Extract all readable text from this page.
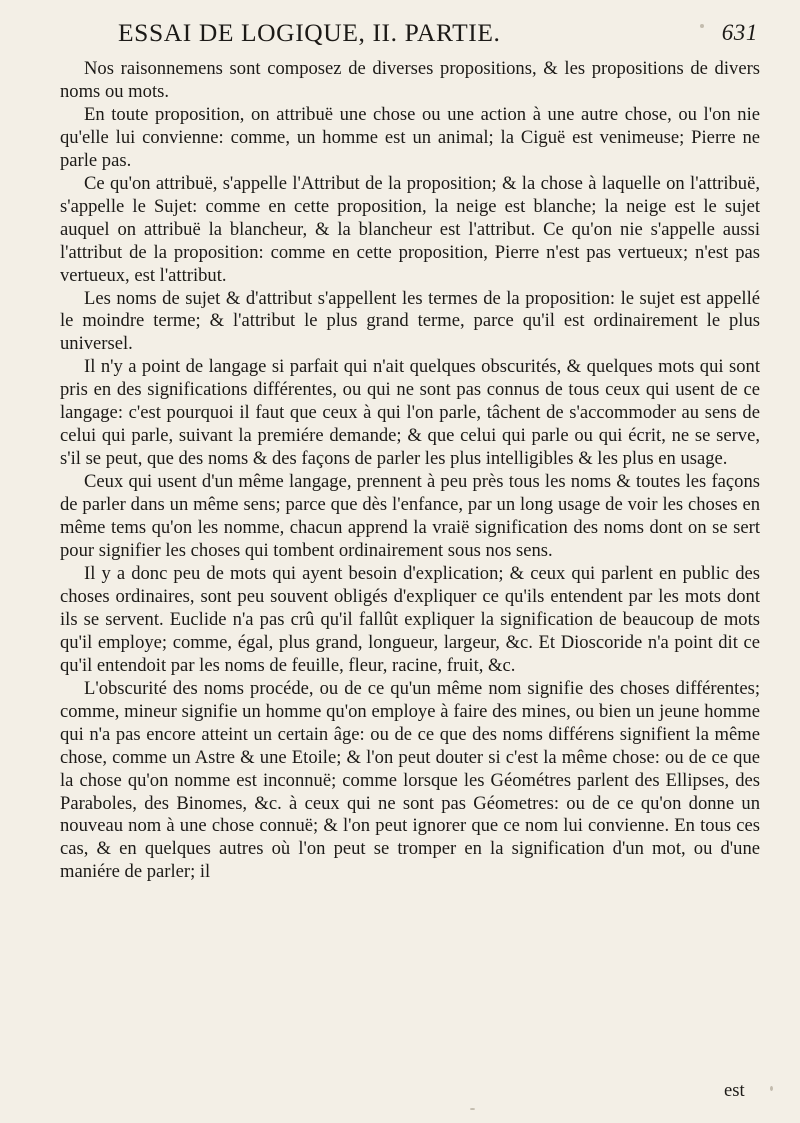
ESSAI DE LOGIQUE, II. PARTIE.	631

Nos raisonnemens sont composez de diverses propositions, & les propositions de divers noms ou mots.

En toute proposition, on attribuë une chose ou une action à une autre chose, ou l'on nie qu'elle lui convienne: comme, un homme est un animal; la Ciguë est venimeuse; Pierre ne parle pas.

Ce qu'on attribuë, s'appelle l'Attribut de la proposition; & la chose à laquelle on l'attribuë, s'appelle le Sujet: comme en cette proposition, la neige est blanche; la neige est le sujet auquel on attribuë la blancheur, & la blancheur est l'attribut. Ce qu'on nie s'appelle aussi l'attribut de la proposition: comme en cette proposition, Pierre n'est pas vertueux; n'est pas vertueux, est l'attribut.

Les noms de sujet & d'attribut s'appellent les termes de la proposition: le sujet est appellé le moindre terme; & l'attribut le plus grand terme, parce qu'il est ordinairement le plus universel.

Il n'y a point de langage si parfait qui n'ait quelques obscurités, & quelques mots qui sont pris en des significations différentes, ou qui ne sont pas connus de tous ceux qui usent de ce langage: c'est pourquoi il faut que ceux à qui l'on parle, tâchent de s'accommoder au sens de celui qui parle, suivant la premiére demande; & que celui qui parle ou qui écrit, ne se serve, s'il se peut, que des noms & des façons de parler les plus intelligibles & les plus en usage.

Ceux qui usent d'un même langage, prennent à peu près tous les noms & toutes les façons de parler dans un même sens; parce que dès l'enfance, par un long usage de voir les choses en même tems qu'on les nomme, chacun apprend la vraië signification des noms dont on se sert pour signifier les choses qui tombent ordinairement sous nos sens.

Il y a donc peu de mots qui ayent besoin d'explication; & ceux qui parlent en public des choses ordinaires, sont peu souvent obligés d'expliquer ce qu'ils entendent par les mots dont ils se servent. Euclide n'a pas crû qu'il fallût expliquer la signification de beaucoup de mots qu'il employe; comme, égal, plus grand, longueur, largeur, &c. Et Dioscoride n'a point dit ce qu'il entendoit par les noms de feuille, fleur, racine, fruit, &c.

L'obscurité des noms procéde, ou de ce qu'un même nom signifie des choses différentes; comme, mineur signifie un homme qu'on employe à faire des mines, ou bien un jeune homme qui n'a pas encore atteint un certain âge: ou de ce que des noms différens signifient la même chose, comme un Astre & une Etoile; & l'on peut douter si c'est la même chose: ou de ce que la chose qu'on nomme est inconnuë; comme lorsque les Géométres parlent des Ellipses, des Paraboles, des Binomes, &c. à ceux qui ne sont pas Géometres: ou de ce qu'on donne un nouveau nom à une chose connuë; & l'on peut ignorer que ce nom lui convienne. En tous ces cas, & en quelques autres où l'on peut se tromper en la signification d'un mot, ou d'une maniére de parler; il

est
